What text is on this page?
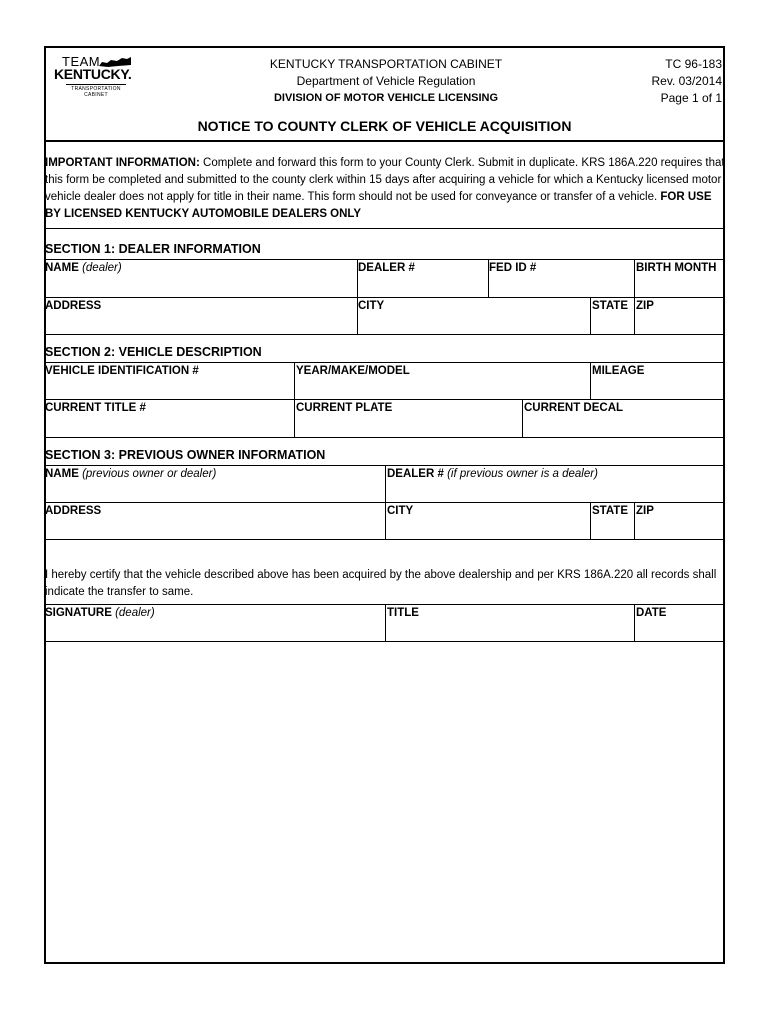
TEAM
KENTUCKY.
TRANSPORTATION CABINET
KENTUCKY TRANSPORTATION CABINET
Department of Vehicle Regulation
DIVISION OF MOTOR VEHICLE LICENSING
TC 96-183
Rev. 03/2014
Page 1 of 1
NOTICE TO COUNTY CLERK OF VEHICLE ACQUISITION
IMPORTANT INFORMATION: Complete and forward this form to your County Clerk. Submit in duplicate. KRS 186A.220 requires that this form be completed and submitted to the county clerk within 15 days after acquiring a vehicle for which a Kentucky licensed motor vehicle dealer does not apply for title in their name. This form should not be used for conveyance or transfer of a vehicle. FOR USE BY LICENSED KENTUCKY AUTOMOBILE DEALERS ONLY
SECTION 1: DEALER INFORMATION
NAME (dealer)	DEALER #	FED ID #	BIRTH MONTH
ADDRESS	CITY	STATE ZIP
SECTION 2: VEHICLE DESCRIPTION
VEHICLE IDENTIFICATION #	YEAR/MAKE/MODEL	MILEAGE
CURRENT TITLE #	CURRENT PLATE	CURRENT DECAL
SECTION 3: PREVIOUS OWNER INFORMATION
NAME (previous owner or dealer)	DEALER # (if previous owner is a dealer)
ADDRESS	CITY	STATE ZIP
I hereby certify that the vehicle described above has been acquired by the above dealership and per KRS 186A.220 all records shall indicate the transfer to same.
SIGNATURE (dealer)	TITLE	DATE
